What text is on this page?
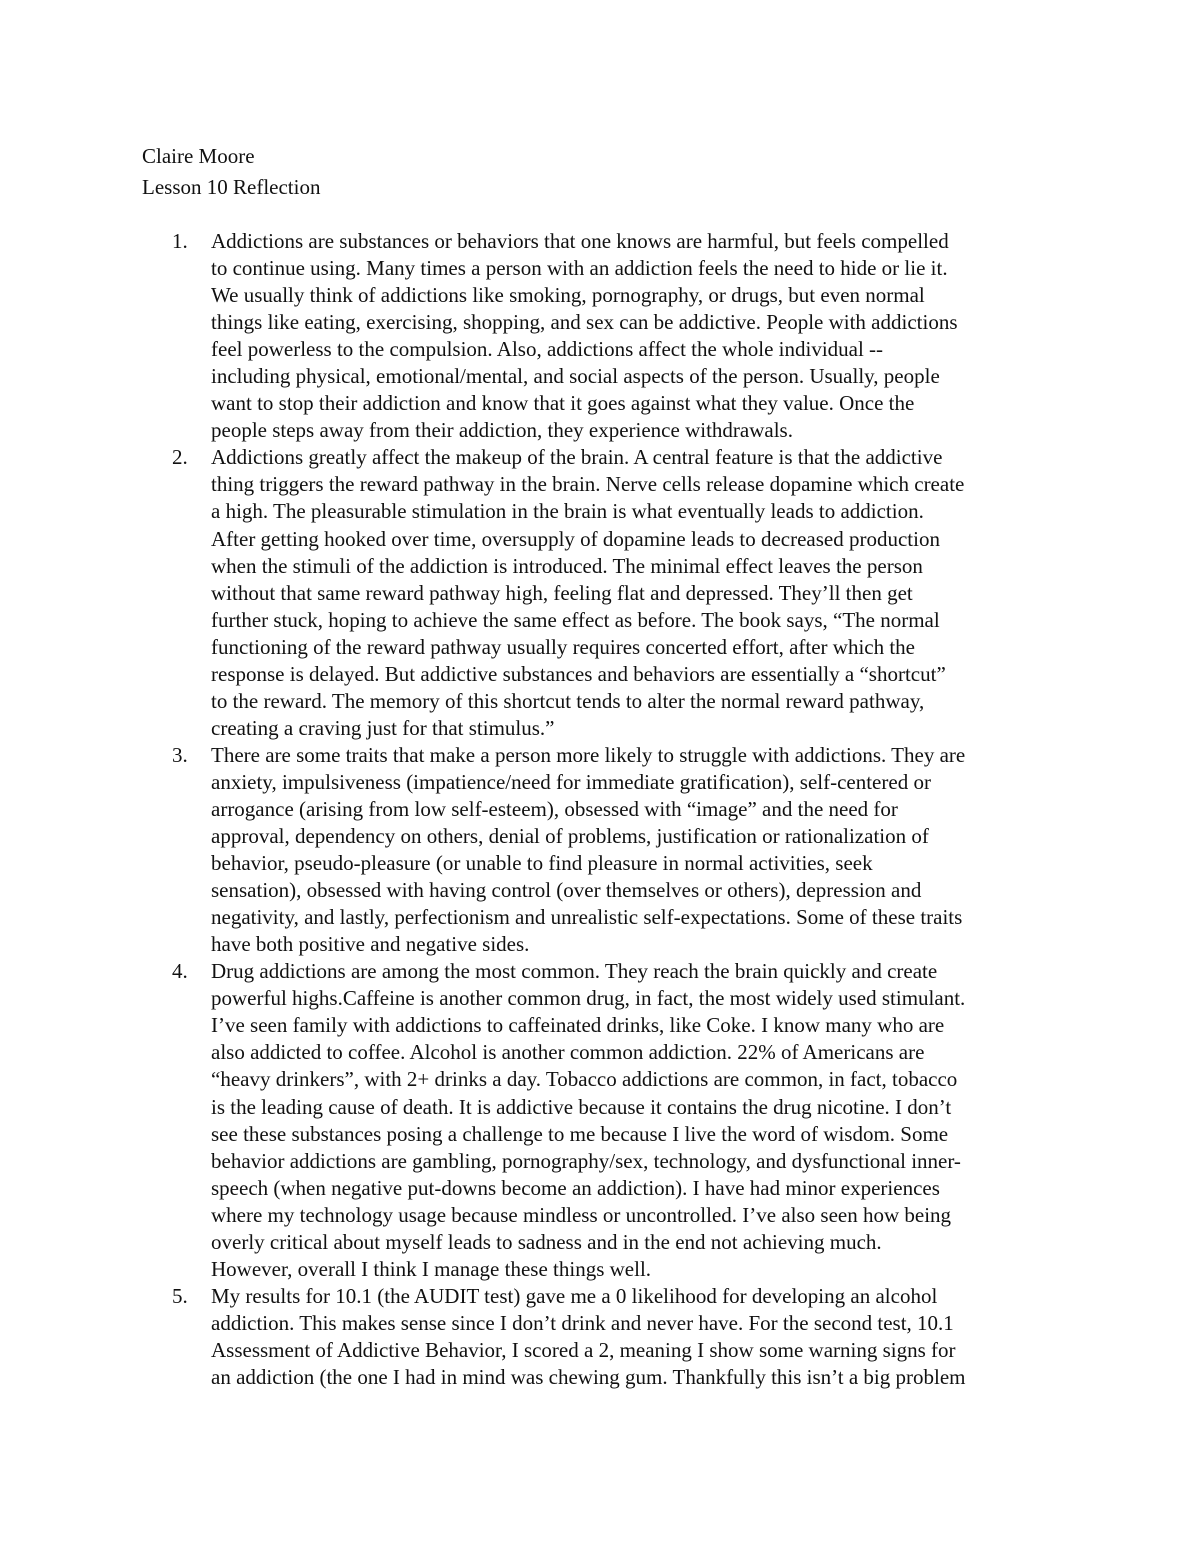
Claire Moore
Lesson 10 Reflection
1. Addictions are substances or behaviors that one knows are harmful, but feels compelled
to continue using. Many times a person with an addiction feels the need to hide or lie it.
We usually think of addictions like smoking, pornography, or drugs, but even normal
things like eating, exercising, shopping, and sex can be addictive. People with addictions
feel powerless to the compulsion. Also, addictions affect the whole individual --
including physical, emotional/mental, and social aspects of the person. Usually, people
want to stop their addiction and know that it goes against what they value. Once the
people steps away from their addiction, they experience withdrawals.
2. Addictions greatly affect the makeup of the brain. A central feature is that the addictive
thing triggers the reward pathway in the brain. Nerve cells release dopamine which create
a high. The pleasurable stimulation in the brain is what eventually leads to addiction.
After getting hooked over time, oversupply of dopamine leads to decreased production
when the stimuli of the addiction is introduced. The minimal effect leaves the person
without that same reward pathway high, feeling flat and depressed. They’ll then get
further stuck, hoping to achieve the same effect as before. The book says, “The normal
functioning of the reward pathway usually requires concerted effort, after which the
response is delayed. But addictive substances and behaviors are essentially a “shortcut”
to the reward. The memory of this shortcut tends to alter the normal reward pathway,
creating a craving just for that stimulus.”
3. There are some traits that make a person more likely to struggle with addictions. They are
anxiety, impulsiveness (impatience/need for immediate gratification), self-centered or
arrogance (arising from low self-esteem), obsessed with “image” and the need for
approval, dependency on others, denial of problems, justification or rationalization of
behavior, pseudo-pleasure (or unable to find pleasure in normal activities, seek
sensation), obsessed with having control (over themselves or others), depression and
negativity, and lastly, perfectionism and unrealistic self-expectations. Some of these traits
have both positive and negative sides.
4. Drug addictions are among the most common. They reach the brain quickly and create
powerful highs.Caffeine is another common drug, in fact, the most widely used stimulant.
I’ve seen family with addictions to caffeinated drinks, like Coke. I know many who are
also addicted to coffee. Alcohol is another common addiction. 22% of Americans are
“heavy drinkers”, with 2+ drinks a day. Tobacco addictions are common, in fact, tobacco
is the leading cause of death. It is addictive because it contains the drug nicotine. I don’t
see these substances posing a challenge to me because I live the word of wisdom. Some
behavior addictions are gambling, pornography/sex, technology, and dysfunctional inner-
speech (when negative put-downs become an addiction). I have had minor experiences
where my technology usage because mindless or uncontrolled. I’ve also seen how being
overly critical about myself leads to sadness and in the end not achieving much.
However, overall I think I manage these things well.
5. My results for 10.1 (the AUDIT test) gave me a 0 likelihood for developing an alcohol
addiction. This makes sense since I don’t drink and never have. For the second test, 10.1
Assessment of Addictive Behavior, I scored a 2, meaning I show some warning signs for
an addiction (the one I had in mind was chewing gum. Thankfully this isn’t a big problem
